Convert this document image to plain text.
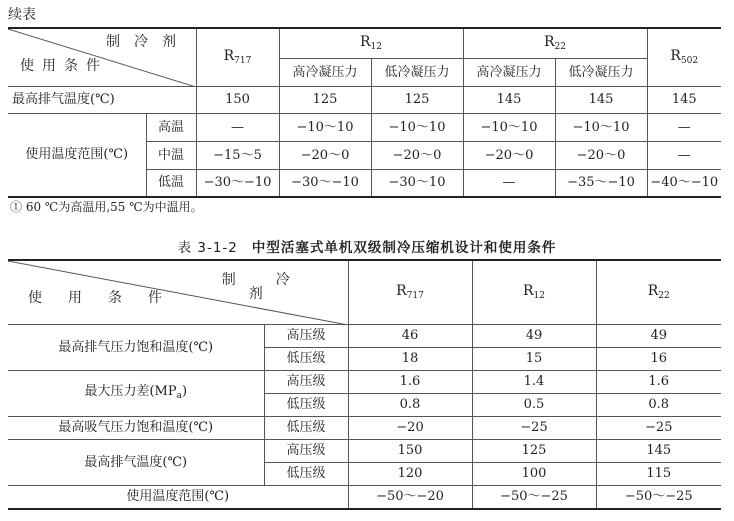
续表
制冷剂
使用条件		$R_{717}$	$R_{12}$		$R_{22}$		$R_{502}$
			高冷凝压力	低冷凝压力	高冷凝压力	低冷凝压力	
最高排气温度(℃)		150	125	125	145	145	145
使用温度范围(℃)	高温	—	−10～10	−10～10	−10～10	−10～10	—
	中温	−15～5	−20～0	−20～0	−20～0	−20～0	—
	低温	−30～−10	−30～−10	−30～10	—	−35～−10	−40～−10
① 60 ℃为高温用,55 ℃为中温用。
表 3-1-2 中型活塞式单机双级制冷压缩机设计和使用条件
制冷剂
使用条件		$R_{717}$	$R_{12}$	$R_{22}$
最高排气压力饱和温度(℃)	高压级	46	49	49
	低压级	18	15	16
最大压力差$(MP_a)$	高压级	1.6	1.4	1.6
	低压级	0.8	0.5	0.8
最高吸气压力饱和温度(℃)	低压级	−20	−25	−25
最高排气温度(℃)	高压级	150	125	145
	低压级	120	100	115
使用温度范围(℃)		−50～−20	−50～−25	−50～−25
